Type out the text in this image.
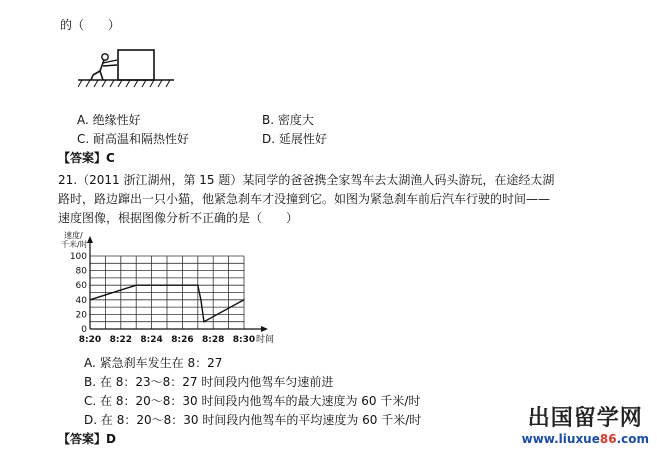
的（　　）
A. 绝缘性好	B. 密度大
C. 耐高温和隔热性好	D. 延展性好
【答案】C
21.（2011 浙江湖州，第 15 题）某同学的爸爸携全家驾车去太湖渔人码头游玩，在途经太湖
路时，路边蹿出一只小猫，他紧急刹车才没撞到它。如图为紧急刹车前后汽车行驶的时间——
速度图像，根据图像分析不正确的是（　　）
速度/
千米/时
时间
0
20
40
60
80
100
8:20 8:22 8:24 8:26 8:28 8:30
A. 紧急刹车发生在 8：27
B. 在 8：23～8：27 时间段内他驾车匀速前进
C. 在 8：20～8：30 时间段内他驾车的最大速度为 60 千米/时
D. 在 8：20～8：30 时间段内他驾车的平均速度为 60 千米/时
【答案】D
出国留学网
www.liuxue86.com
